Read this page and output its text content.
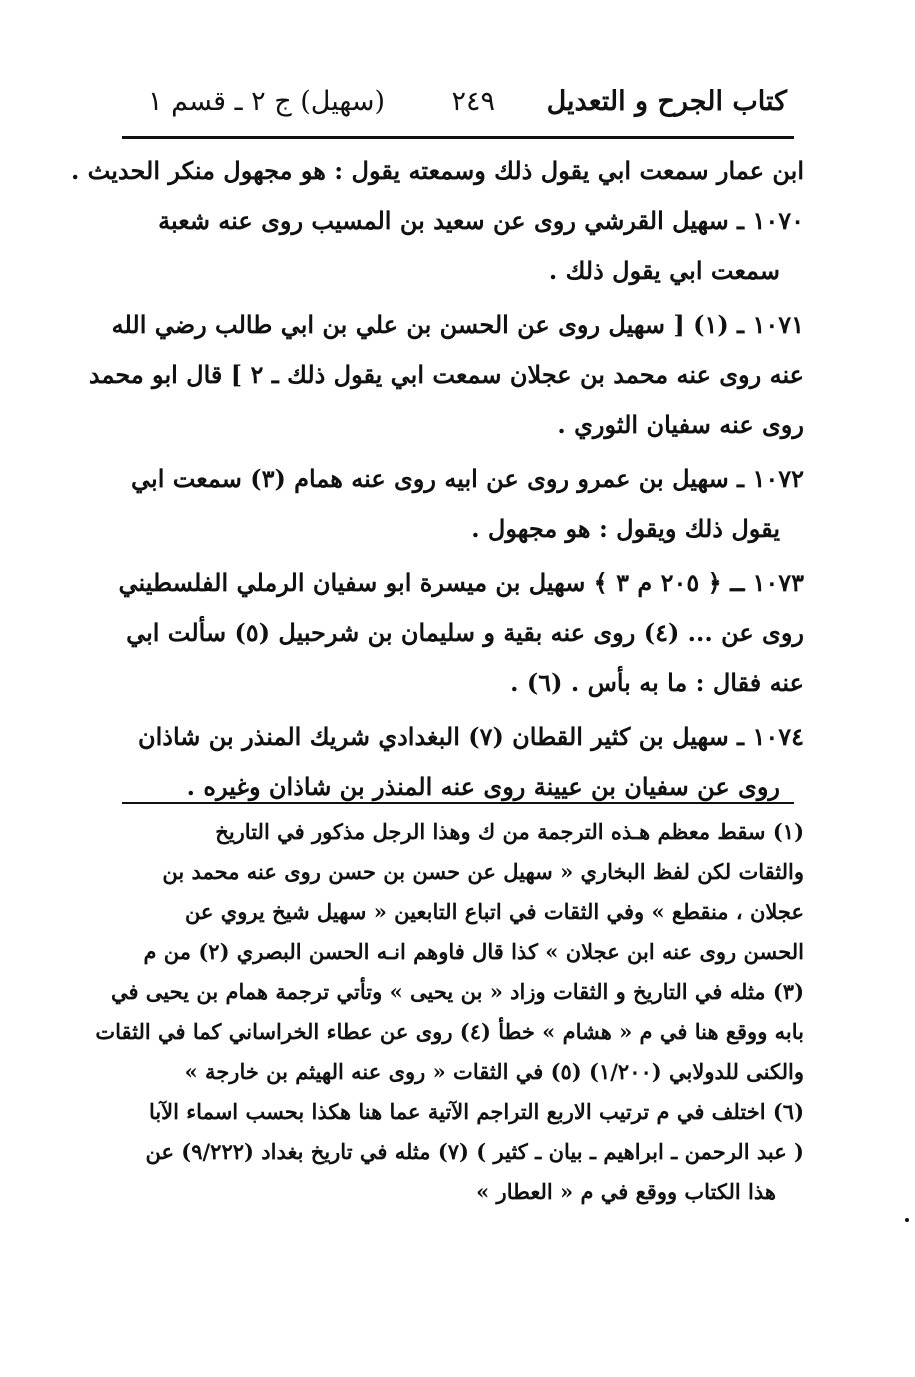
كتاب الجرح و التعديل
٢٤٩
(سهيل) ج ٢ ـ قسم ١
ابن عمار سمعت ابي يقول ذلك وسمعته يقول : هو مجهول منكر الحديث .
١٠٧٠ ـ سهيل القرشي روى عن سعيد بن المسيب روى عنه شعبة
سمعت ابي يقول ذلك .
١٠٧١ ـ (١) [ سهيل روى عن الحسن بن علي بن ابي طالب رضي الله
عنه روى عنه محمد بن عجلان سمعت ابي يقول ذلك ـ ٢ ] قال ابو محمد
روى عنه سفيان الثوري .
١٠٧٢ ـ سهيل بن عمرو روى عن ابيه روى عنه همام (٣) سمعت ابي
يقول ذلك ويقول : هو مجهول .
١٠٧٣ ـ ﴿ ٢٠٥ م ٣ ﴾ سهيل بن ميسرة ابو سفيان الرملي الفلسطيني
روى عن ... (٤) روى عنه بقية و سليمان بن شرحبيل (٥) سألت ابي
عنه فقال : ما به بأس . (٦) .
١٠٧٤ ـ سهيل بن كثير القطان (٧) البغدادي شريك المنذر بن شاذان
روى عن سفيان بن عيينة روى عنه المنذر بن شاذان وغيره .
(١) سقط معظم هـذه الترجمة من ك وهذا الرجل مذكور في التاريخ
والثقات لكن لفظ البخاري « سهيل عن حسن بن حسن روى عنه محمد بن
عجلان ، منقطع » وفي الثقات في اتباع التابعين « سهيل شيخ يروي عن
الحسن روى عنه ابن عجلان » كذا قال فاوهم انـه الحسن البصري (٢) من م
(٣) مثله في التاريخ و الثقات وزاد « بن يحيى » وتأتي ترجمة همام بن يحيى في
بابه ووقع هنا في م « هشام » خطأ (٤) روى عن عطاء الخراساني كما في الثقات
والكنى للدولابي (١/٢٠٠) (٥) في الثقات « روى عنه الهيثم بن خارجة »
(٦) اختلف في م ترتيب الاربع التراجم الآتية عما هنا هكذا بحسب اسماء الآبا
( عبد الرحمن ـ ابراهيم ـ بيان ـ كثير ) (٧) مثله في تاريخ بغداد (٩/٢٢٢) عن
هذا الكتاب ووقع في م « العطار »
